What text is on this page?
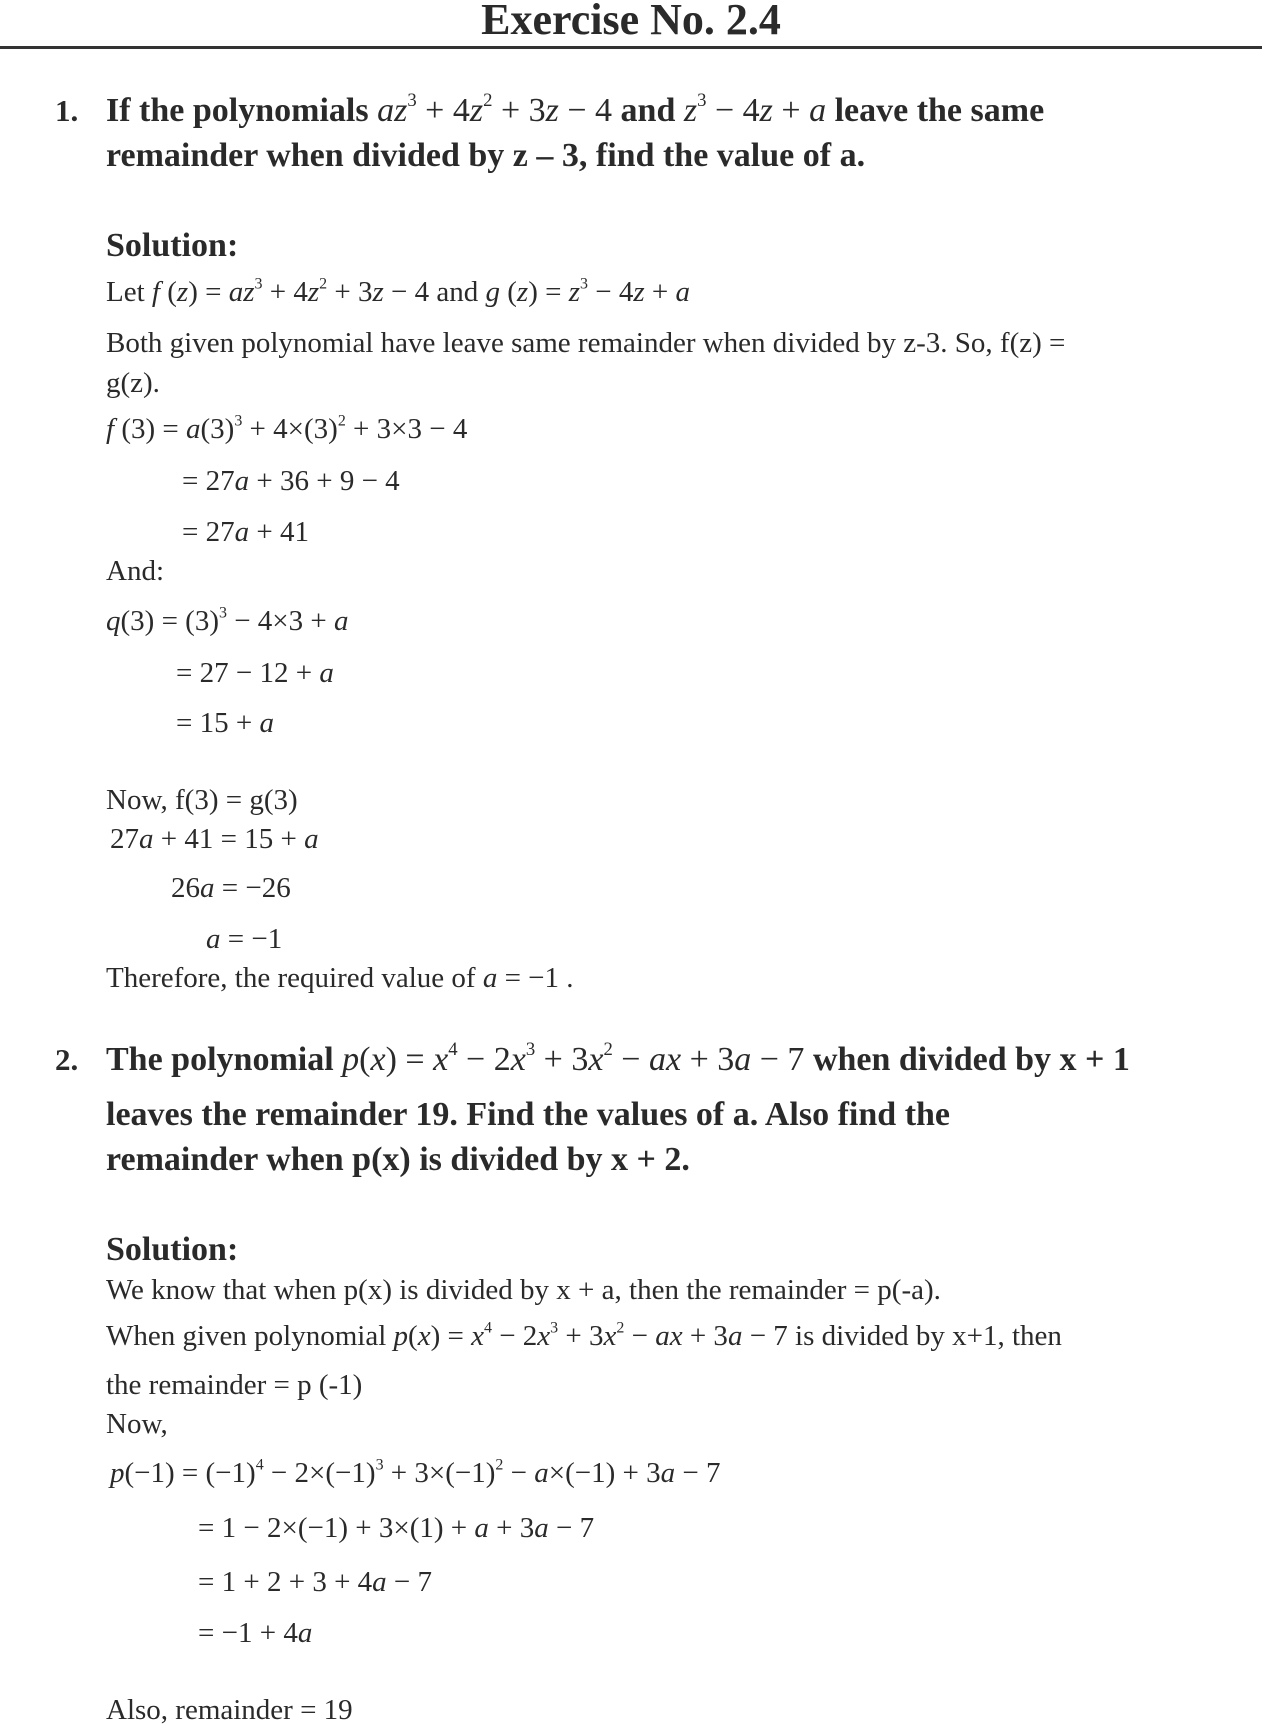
Exercise No. 2.4
1. If the polynomials $az^3 + 4z^2 + 3z - 4$ and $z^3 - 4z + a$ leave the same
remainder when divided by z – 3, find the value of a.
Solution:
Let f $(z) = az^3 + 4z^2 + 3z - 4$ and g $(z) = z^3 - 4z + a$
Both given polynomial have leave same remainder when divided by z-3. So, f(z) =
g(z).
f $(3) = a(3)^3 + 4\times(3)^2 + 3\times 3 - 4$
= 27a + 36 + 9 − 4
= 27a + 41
And:
$q(3) = (3)^3 - 4\times 3 + a$
= 27 − 12 + a
= 15 + a
Now, f(3) = g(3)
27a + 41 = 15 + a
26a = −26
a = −1
Therefore, the required value of a = −1 .
2. The polynomial $p(x) = x^4 - 2x^3 + 3x^2$ − ax + 3a − 7 when divided by x + 1
leaves the remainder 19. Find the values of a. Also find the
remainder when p(x) is divided by x + 2.
Solution:
We know that when p(x) is divided by x + a, then the remainder = p(-a).
When given polynomial $p(x) = x^4 - 2x^3 + 3x^2$ − ax + 3a − 7 is divided by x+1, then
the remainder = p (-1)
Now,
$p(-1) = (-1)^4 - 2\times(-1)^3 + 3\times(-1)^2 - a\times(-1) + 3a - 7$
= 1 − 2×(−1) + 3×(1) + a + 3a − 7
= 1 + 2 + 3 + 4a − 7
= −1 + 4a
Also, remainder = 19
